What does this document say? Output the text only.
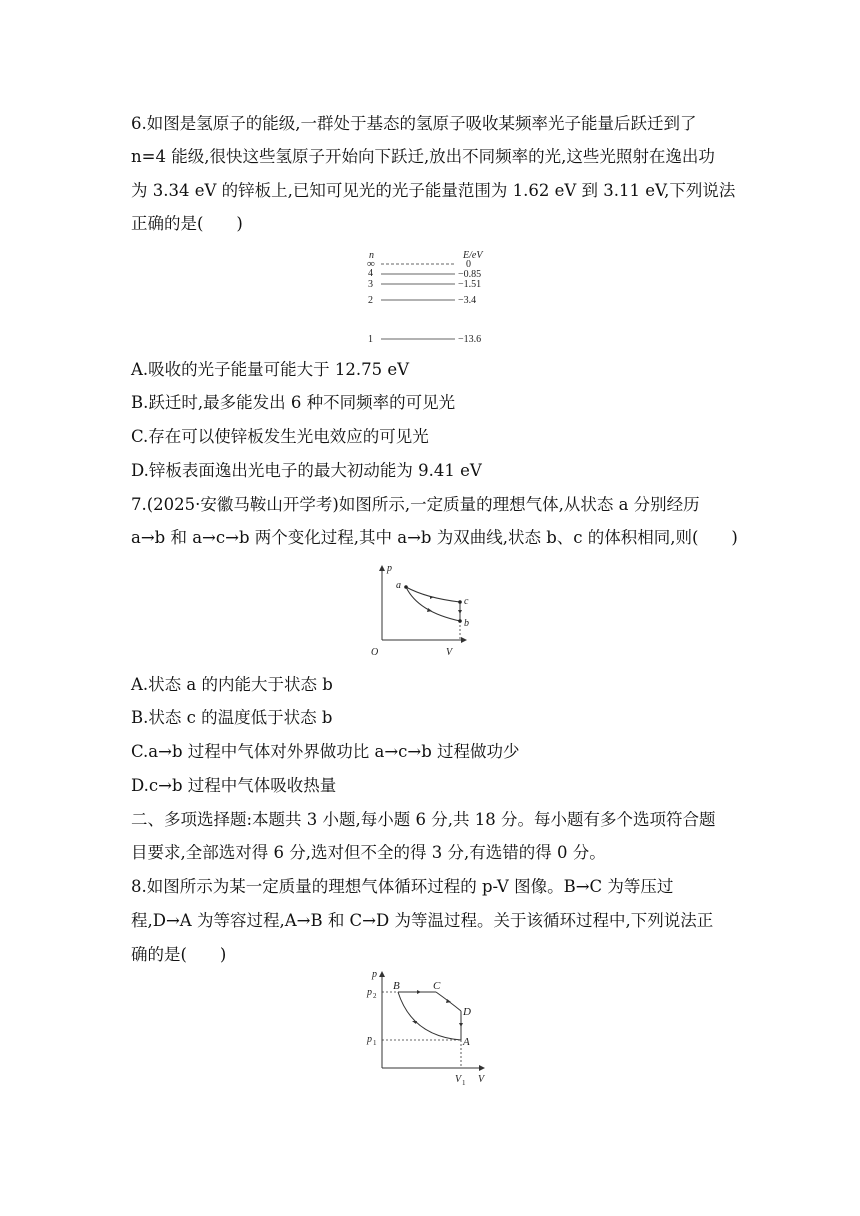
6.如图是氢原子的能级,一群处于基态的氢原子吸收某频率光子能量后跃迁到了
n=4 能级,很快这些氢原子开始向下跃迁,放出不同频率的光,这些光照射在逸出功
为 3.34 eV 的锌板上,已知可见光的光子能量范围为 1.62 eV 到 3.11 eV,下列说法
正确的是(　　)
n	E/eV
∞	0
4	−0.85
3	−1.51
2	−3.4
1	−13.6
A.吸收的光子能量可能大于 12.75 eV
B.跃迁时,最多能发出 6 种不同频率的可见光
C.存在可以使锌板发生光电效应的可见光
D.锌板表面逸出光电子的最大初动能为 9.41 eV
7.(2025·安徽马鞍山开学考)如图所示,一定质量的理想气体,从状态 a 分别经历
a→b 和 a→c→b 两个变化过程,其中 a→b 为双曲线,状态 b、c 的体积相同,则(　　)
p
V
O
a
c
b
A.状态 a 的内能大于状态 b
B.状态 c 的温度低于状态 b
C.a→b 过程中气体对外界做功比 a→c→b 过程做功少
D.c→b 过程中气体吸收热量
二、多项选择题:本题共 3 小题,每小题 6 分,共 18 分。每小题有多个选项符合题
目要求,全部选对得 6 分,选对但不全的得 3 分,有选错的得 0 分。
8.如图所示为某一定质量的理想气体循环过程的 p-V 图像。B→C 为等压过
程,D→A 为等容过程,A→B 和 C→D 为等温过程。关于该循环过程中,下列说法正
确的是(　　)
p
V
p 2
p 1
V 1
B	C
D
A
